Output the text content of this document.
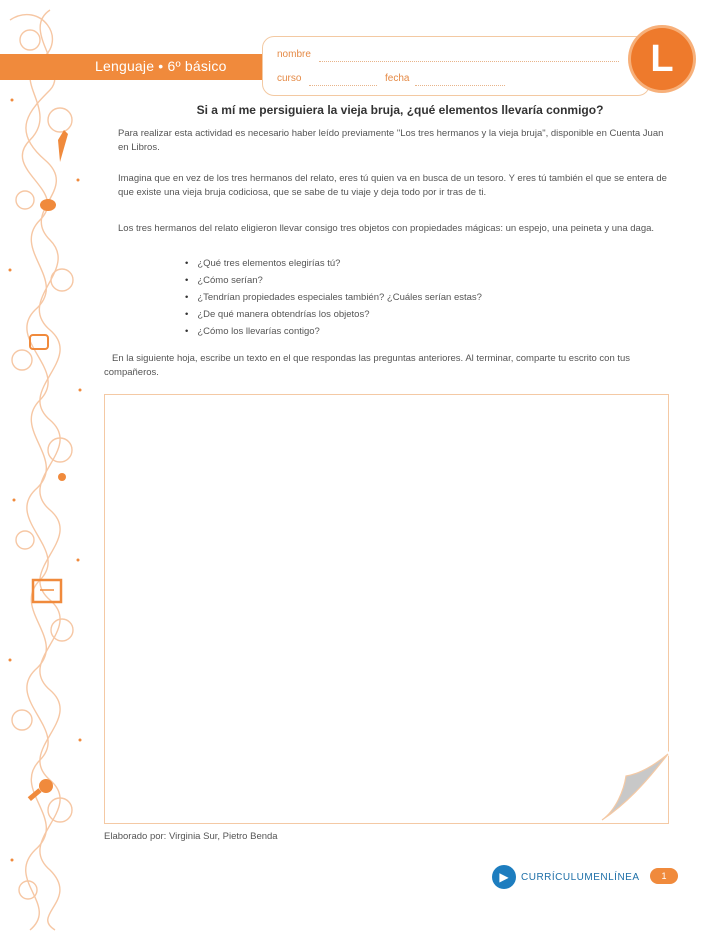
Lenguaje • 6º básico
nombre
curso	fecha	L
Si a mí me persiguiera la vieja bruja, ¿qué elementos llevaría conmigo?
Para realizar esta actividad es necesario haber leído previamente "Los tres hermanos y la vieja bruja", disponible en Cuenta Juan en Libros.
Imagina que en vez de los tres hermanos del relato, eres tú quien va en busca de un tesoro. Y eres tú también el que se entera de que existe una vieja bruja codiciosa, que se sabe de tu viaje y deja todo por ir tras de ti.
Los tres hermanos del relato eligieron llevar consigo tres objetos con propiedades mágicas: un espejo, una peineta y una daga.
• ¿Qué tres elementos elegirías tú?
• ¿Cómo serían?
• ¿Tendrían propiedades especiales también? ¿Cuáles serían estas?
• ¿De qué manera obtendrías los objetos?
• ¿Cómo los llevarías contigo?
En la siguiente hoja, escribe un texto en el que respondas las preguntas anteriores. Al terminar, comparte tu escrito con tus compañeros.
Elaborado por: Virginia Sur, Pietro Benda
▶	CURRÍCULUMENLÍNEA	1
